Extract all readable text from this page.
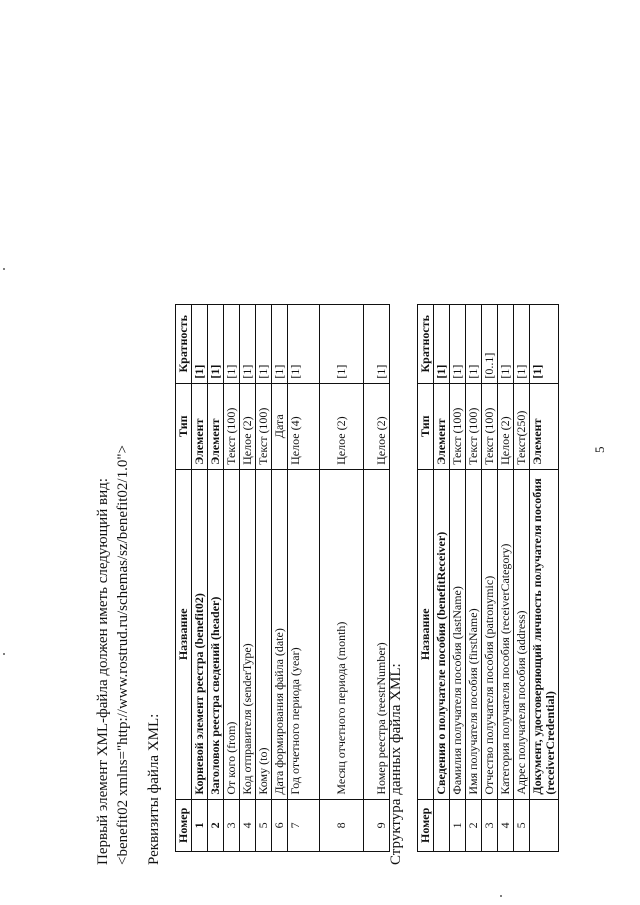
Первый элемент XML-файла должен иметь следующий вид: <benefit02 xmlns="http://www.rostrud.ru/schemas/sz/benefit02/1.0"> Реквизиты файла XML: Номер	Название	Тип	Кратность
1	Корневой элемент реестра (benefit02)	Элемент	[1]
2	Заголовок реестра сведений (header)	Элемент	[1]
3	От кого (from)	Текст (100)	[1]
4	Код отправителя (senderType)	Целое (2)	[1]
5	Кому (to)	Текст (100)	[1]
6	Дата формирования файла (date)	Дата	[1]
7	Год отчетного периода (year)	Целое (4)	[1]
8	Месяц отчетного периода (month)	Целое (2)	[1]
9	Номер реестра (reestrNumber)	Целое (2)	[1]
Структура данных файла XML: Номер	Название	Тип	Кратность
	Сведения о получателе пособия (benefitReceiver)	Элемент	[1]
1	Фамилия получателя пособия (lastName)	Текст (100)	[1]
2	Имя получателя пособия (firstName)	Текст (100)	[1]
3	Отчество получателя пособия (patronymic)	Текст (100)	[0..1]
4	Категория получателя пособия (receiverCategory)	Целое (2)	[1]
5	Адрес получателя пособия (address)	Текст(250)	[1]
	Документ, удостоверяющий личность получателя пособия (receiverCredential)	Элемент	[1]
5
